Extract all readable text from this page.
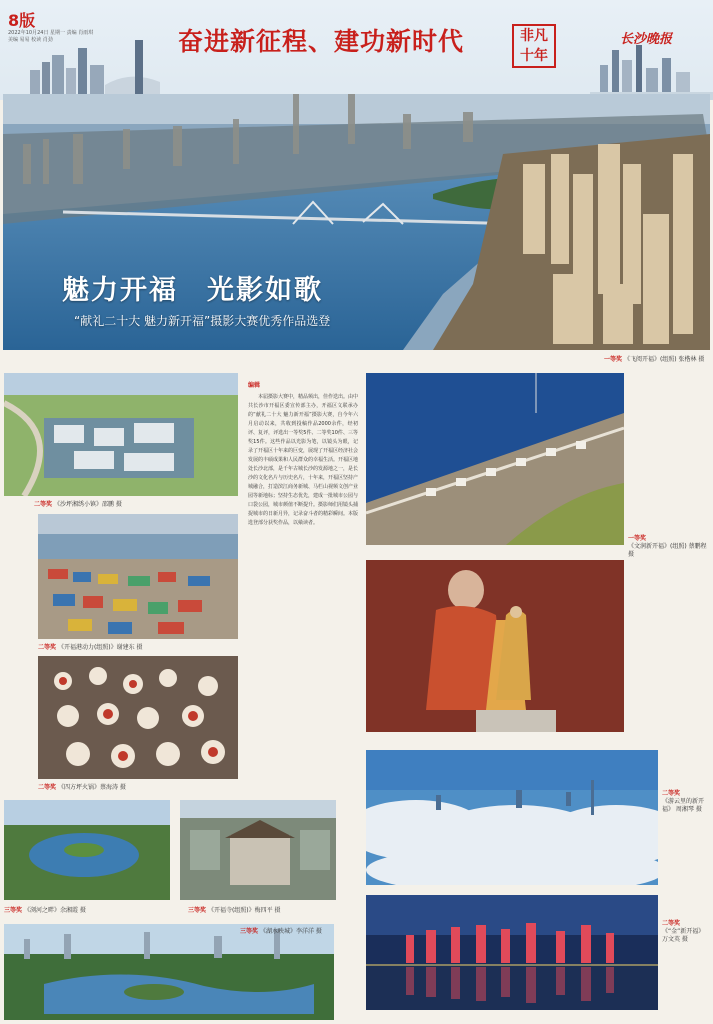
8版
2022年10月24日 星期一 责编 肖雨琪 美编 易易 校读 肖劲	奋进新征程、建功新时代	非凡十年
长沙晚报
魅力开福　光影如歌
“献礼二十大 魅力新开福”摄影大赛优秀作品选登
一等奖 《飞阅开福》(组照) 张楷林 摄
二等奖 《沙坪湘绣小镇》邵鹏 摄
二等奖 《开福港动力(组照)》谢建东 摄
二等奖 《四方坪火锅》蔡海涛 摄
编辑
本届摄影大赛中，精品频出，佳作迭出。由中共长沙市开福区委宣传部主办，开福区文联承办的“献礼二十大 魅力新开福”摄影大赛，自今年六月启动以来，共收到投稿作品2000余件，经初评、复评，评选出一等奖5件、二等奖10件、三等奖15件。这些作品以光影为笔，以镜头为眼，记录了开福区十年来的巨变，展现了开福区经济社会发展的丰硕成果和人民群众的幸福生活。开福区地处长沙北部，是千年古城长沙的发源地之一，是长沙的文化名片与历史名片，十年来，开福区坚持产城融合，打造滨江商务新城、马栏山视频文创产业园等新地标；坚持生态优先，建成一批城市公园与口袋公园，城市颜值不断提升。摄影师们用镜头捕捉城市的日新月异，记录奋斗者的精彩瞬间。本版选登部分获奖作品，以飨读者。
三等奖 《浏河之畔》余湘霞 摄	三等奖 《开福寺(组照)》梅四平 摄
三等奖 《湖水映城》李洋洋 摄
一等奖
《文润新开福》(组照) 蔡鹏程 摄
二等奖
《游云里的新开福》 周湘琴 摄
二等奖
《“金”新开福》 万文英 摄
